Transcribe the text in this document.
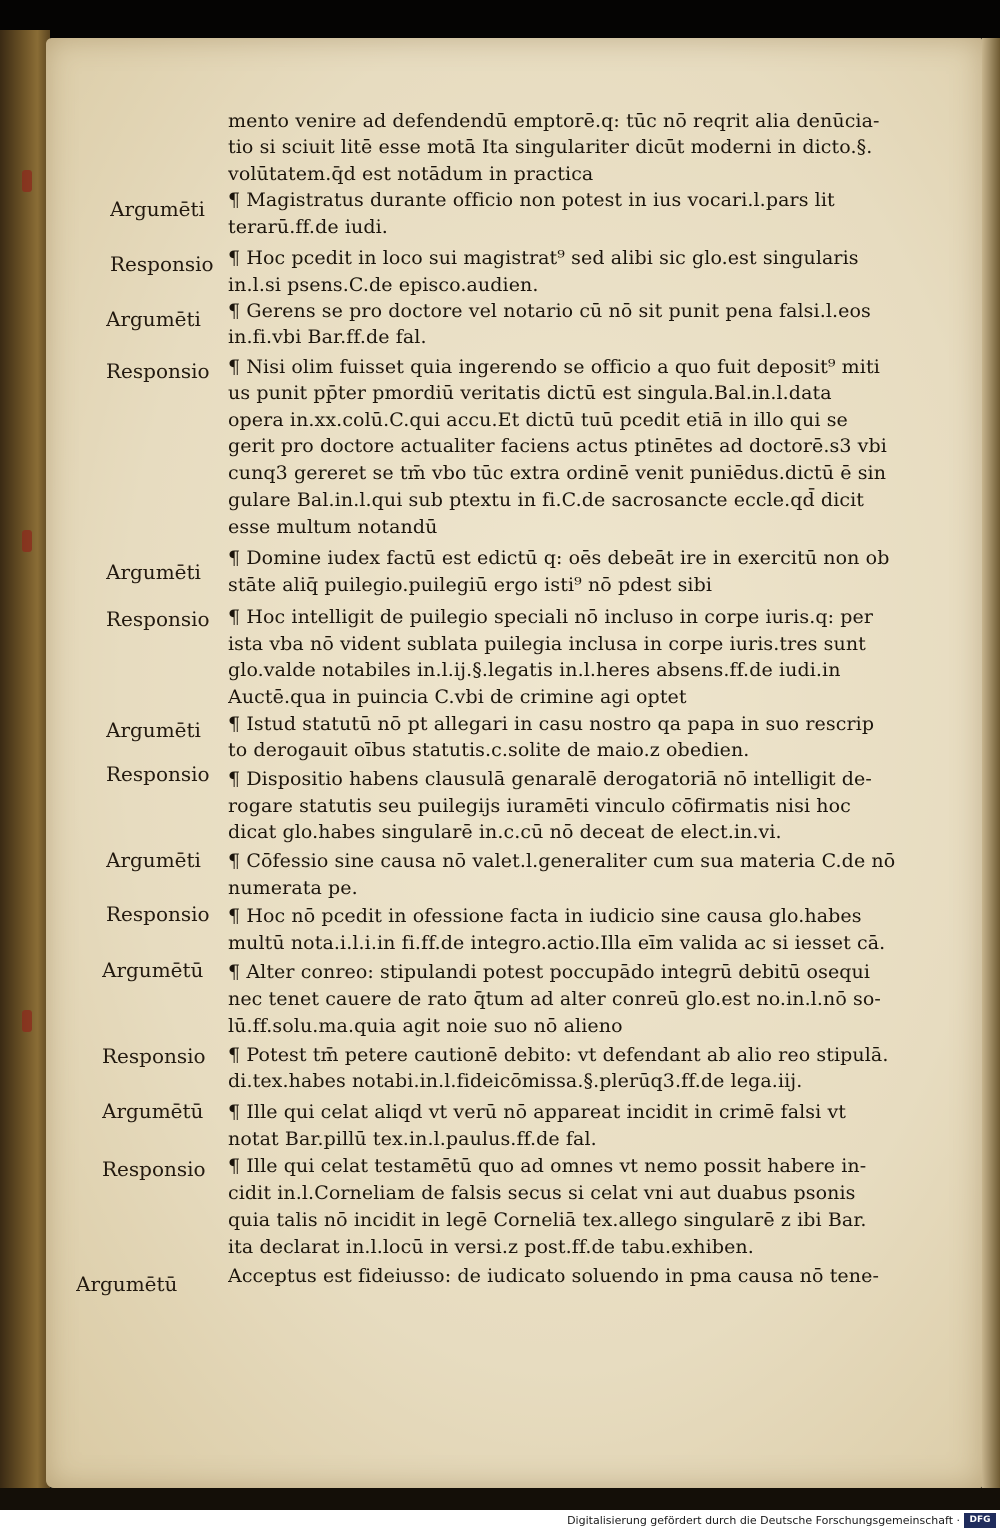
mento venire ad defendendū emptorē.q: tūc nō reqrit alia denūcia-

tio si sciuit litē esse motā Ita singulariter dicūt moderni in dicto.§.

volūtatem.q̄d est notādum in practica

¶ Magistratus durante officio non potest in ius vocari.l.pars lit

terarū.ff.de iudi.

¶ Hoc pcedit in loco sui magistrat⁹ sed alibi sic glo.est singularis

in.l.si psens.C.de episco.audien.

¶ Gerens se pro doctore vel notario cū nō sit punit pena falsi.l.eos

in.fi.vbi Bar.ff.de fal.

¶ Nisi olim fuisset quia ingerendo se officio a quo fuit deposit⁹ miti

us punit pp̄ter pmordiū veritatis dictū est singula.Bal.in.l.data

opera in.xx.colū.C.qui accu.Et dictū tuū pcedit etiā in illo qui se

gerit pro doctore actualiter faciens actus ptinētes ad doctorē.s3 vbi

cunq3 gereret se tm̄ vbo tūc extra ordinē venit puniēdus.dictū ē sin

gulare Bal.in.l.qui sub ptextu in fi.C.de sacrosancte eccle.qd̄ dicit

esse multum notandū

¶ Domine iudex factū est edictū q: oēs debeāt ire in exercitū non ob

stāte aliq̄ puilegio.puilegiū ergo isti⁹ nō pdest sibi

¶ Hoc intelligit de puilegio speciali nō incluso in corpe iuris.q: per

ista vba nō vident sublata puilegia inclusa in corpe iuris.tres sunt

glo.valde notabiles in.l.ij.§.legatis in.l.heres absens.ff.de iudi.in

Auctē.qua in puincia C.vbi de crimine agi optet

¶ Istud statutū nō pt allegari in casu nostro qa papa in suo rescrip

to derogauit oībus statutis.c.solite de maio.z obedien.

¶ Dispositio habens clausulā genaralē derogatoriā nō intelligit de-

rogare statutis seu puilegijs iuramēti vinculo cōfirmatis nisi hoc

dicat glo.habes singularē in.c.cū nō deceat de elect.in.vi.

¶ Cōfessio sine causa nō valet.l.generaliter cum sua materia C.de nō

numerata pe.

¶ Hoc nō pcedit in ofessione facta in iudicio sine causa glo.habes

multū nota.i.l.i.in fi.ff.de integro.actio.Illa eīm valida ac si iesset cā.

¶ Alter conreo: stipulandi potest poccupādo integrū debitū osequi

nec tenet cauere de rato q̄tum ad alter conreū glo.est no.in.l.nō so-

lū.ff.solu.ma.quia agit noie suo nō alieno

¶ Potest tm̄ petere cautionē debito: vt defendant ab alio reo stipulā.

di.tex.habes notabi.in.l.fideicōmissa.§.plerūq3.ff.de lega.iij.

¶ Ille qui celat aliqd vt verū nō appareat incidit in crimē falsi vt

notat Bar.pillū tex.in.l.paulus.ff.de fal.

¶ Ille qui celat testamētū quo ad omnes vt nemo possit habere in-

cidit in.l.Corneliam de falsis secus si celat vni aut duabus psonis

quia talis nō incidit in legē Corneliā tex.allego singularē z ibi Bar.

ita declarat in.l.locū in versi.z post.ff.de tabu.exhiben.

Acceptus est fideiusso: de iudicato soluendo in pma causa nō tene-

Argumēti
Responsio
Argumēti
Responsio
Argumēti
Responsio
Argumēti
Responsio
Argumēti
Responsio
Argumētū
Responsio
Argumētū
Responsio
Argumētū
Digitalisierung gefördert durch die Deutsche Forschungsgemeinschaft ·	DFG
